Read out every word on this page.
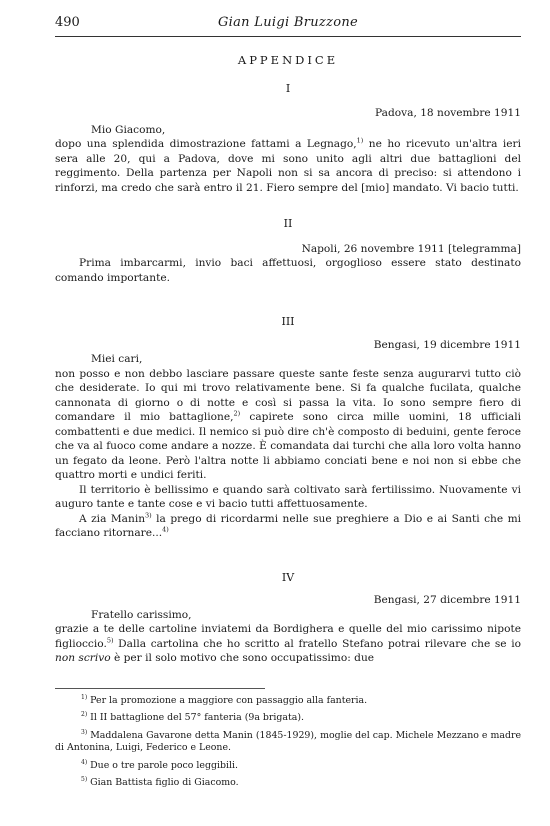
490	Gian Luigi Bruzzone
APPENDICE
I
Padova, 18 novembre 1911
Mio Giacomo,
dopo una splendida dimostrazione fattami a Legnago,$^{1)}$ ne ho ricevuto un'altra ieri sera alle 20, qui a Padova, dove mi sono unito agli altri due battaglioni del reggimento. Della partenza per Napoli non si sa ancora di preciso: si attendono i rinforzi, ma credo che sarà entro il 21. Fiero sempre del [mio] mandato. Vi bacio tutti.
II
Napoli, 26 novembre 1911 [telegramma]
Prima imbarcarmi, invio baci affettuosi, orgoglioso essere stato destinato comando importante.
III
Bengasi, 19 dicembre 1911
Miei cari,
non posso e non debbo lasciare passare queste sante feste senza augurarvi tutto ciò che desiderate. Io qui mi trovo relativamente bene. Si fa qualche fucilata, qualche cannonata di giorno o di notte e così si passa la vita. Io sono sempre fiero di comandare il mio battaglione,$^{2)}$ capirete sono circa mille uomini, 18 ufficiali combattenti e due medici. Il nemico si può dire ch'è composto di beduini, gente feroce che va al fuoco come andare a nozze. È comandata dai turchi che alla loro volta hanno un fegato da leone. Però l'altra notte li abbiamo conciati bene e noi non si ebbe che quattro morti e undici feriti.
Il territorio è bellissimo e quando sarà coltivato sarà fertilissimo. Nuovamente vi auguro tante e tante cose e vi bacio tutti affettuosamente.
A zia Manin$^{3)}$ la prego di ricordarmi nelle sue preghiere a Dio e ai Santi che mi facciano ritornare...$^{4)}$
IV
Bengasi, 27 dicembre 1911
Fratello carissimo,
grazie a te delle cartoline inviatemi da Bordighera e quelle del mio carissimo nipote figlioccio.$^{5)}$ Dalla cartolina che ho scritto al fratello Stefano potrai rilevare che se io non scrivo è per il solo motivo che sono occupatissimo: due
$^{1)}$ Per la promozione a maggiore con passaggio alla fanteria.
$^{2)}$ Il II battaglione del 57° fanteria (9a brigata).
$^{3)}$ Maddalena Gavarone detta Manin (1845-1929), moglie del cap. Michele Mezzano e madre di Antonina, Luigi, Federico e Leone.
$^{4)}$ Due o tre parole poco leggibili.
$^{5)}$ Gian Battista figlio di Giacomo.
